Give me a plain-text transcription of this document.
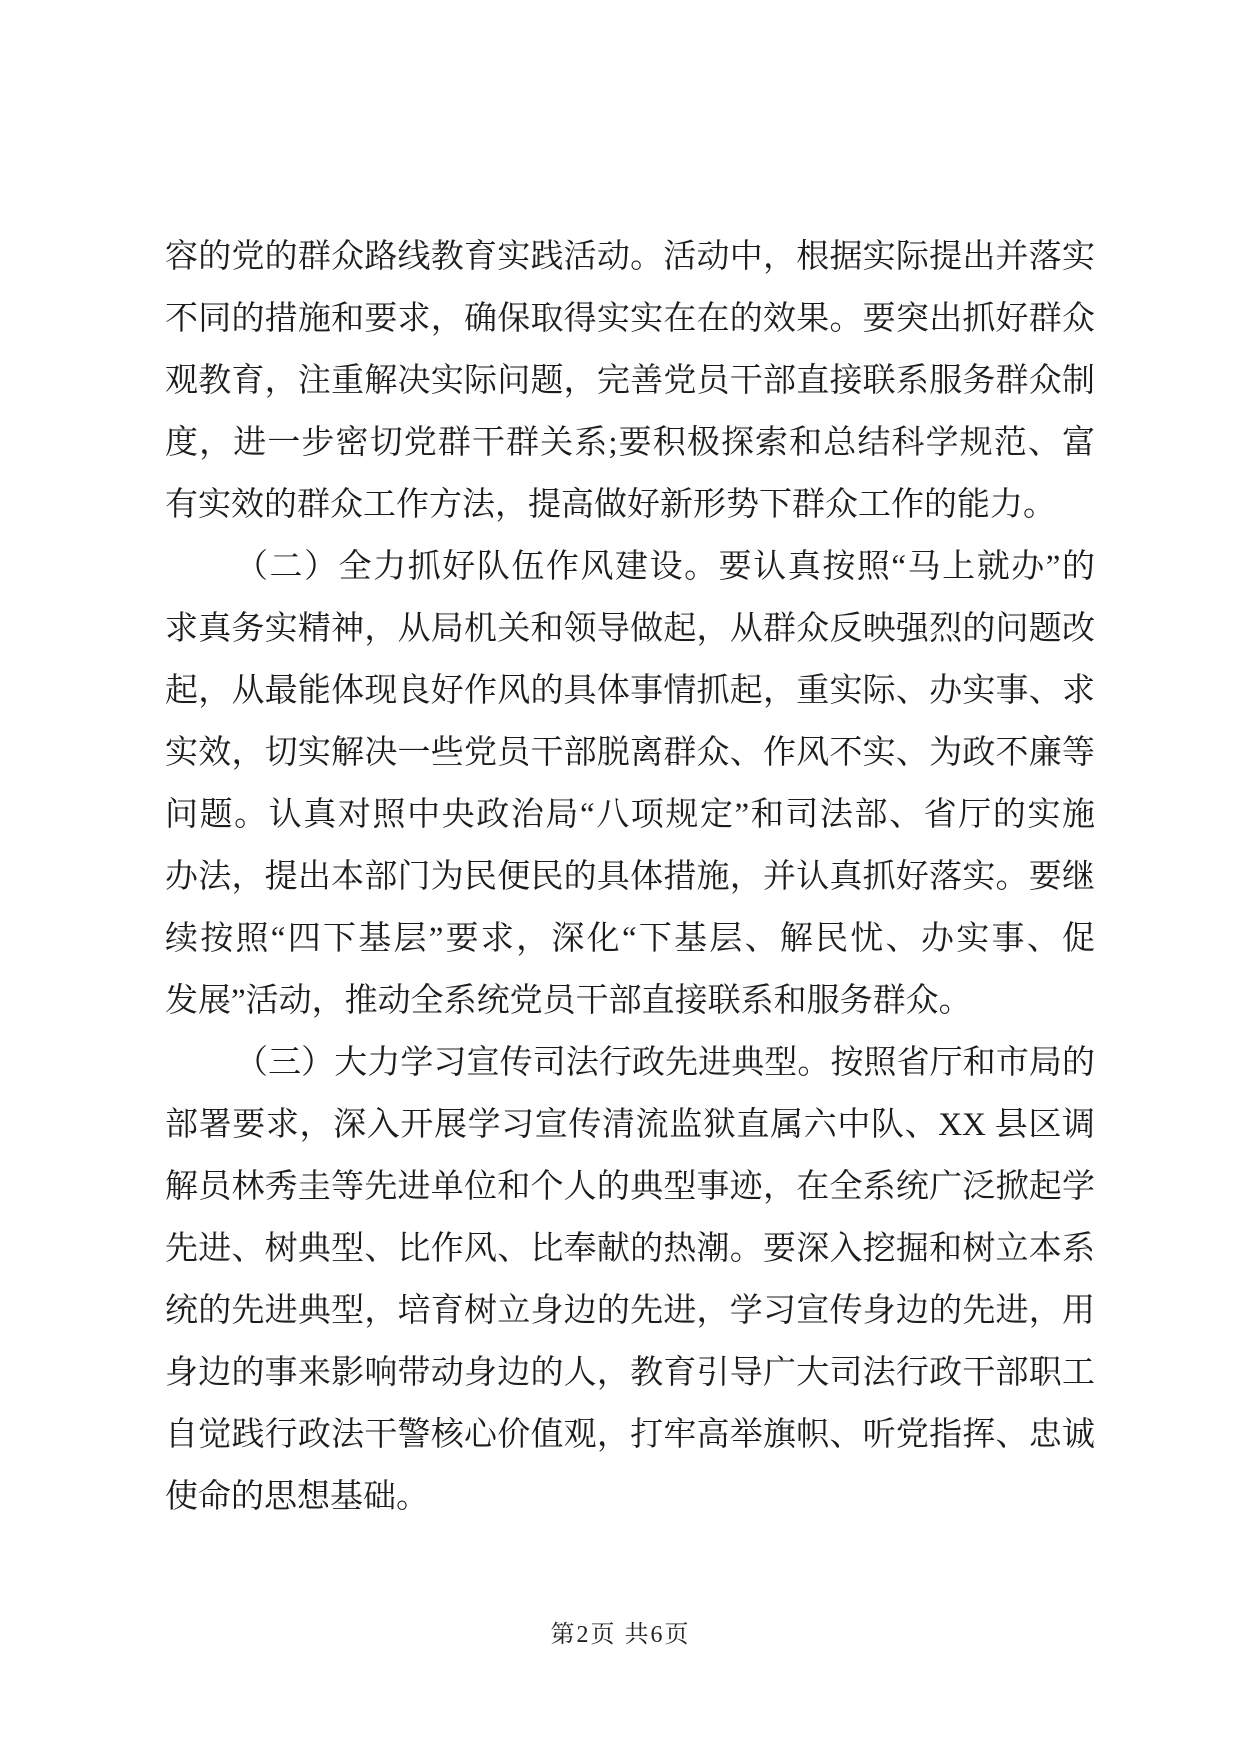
容的党的群众路线教育实践活动。活动中，根据实际提出并落实
不同的措施和要求，确保取得实实在在的效果。要突出抓好群众
观教育，注重解决实际问题，完善党员干部直接联系服务群众制
度，进一步密切党群干群关系;要积极探索和总结科学规范、富
有实效的群众工作方法，提高做好新形势下群众工作的能力。
（二）全力抓好队伍作风建设。要认真按照“马上就办”的
求真务实精神，从局机关和领导做起，从群众反映强烈的问题改
起，从最能体现良好作风的具体事情抓起，重实际、办实事、求
实效，切实解决一些党员干部脱离群众、作风不实、为政不廉等
问题。认真对照中央政治局“八项规定”和司法部、省厅的实施
办法，提出本部门为民便民的具体措施，并认真抓好落实。要继
续按照“四下基层”要求，深化“下基层、解民忧、办实事、促
发展”活动，推动全系统党员干部直接联系和服务群众。
（三）大力学习宣传司法行政先进典型。按照省厅和市局的
部署要求，深入开展学习宣传清流监狱直属六中队、XX 县区调
解员林秀圭等先进单位和个人的典型事迹，在全系统广泛掀起学
先进、树典型、比作风、比奉献的热潮。要深入挖掘和树立本系
统的先进典型，培育树立身边的先进，学习宣传身边的先进，用
身边的事来影响带动身边的人，教育引导广大司法行政干部职工
自觉践行政法干警核心价值观，打牢高举旗帜、听党指挥、忠诚
使命的思想基础。
第2页 共6页
